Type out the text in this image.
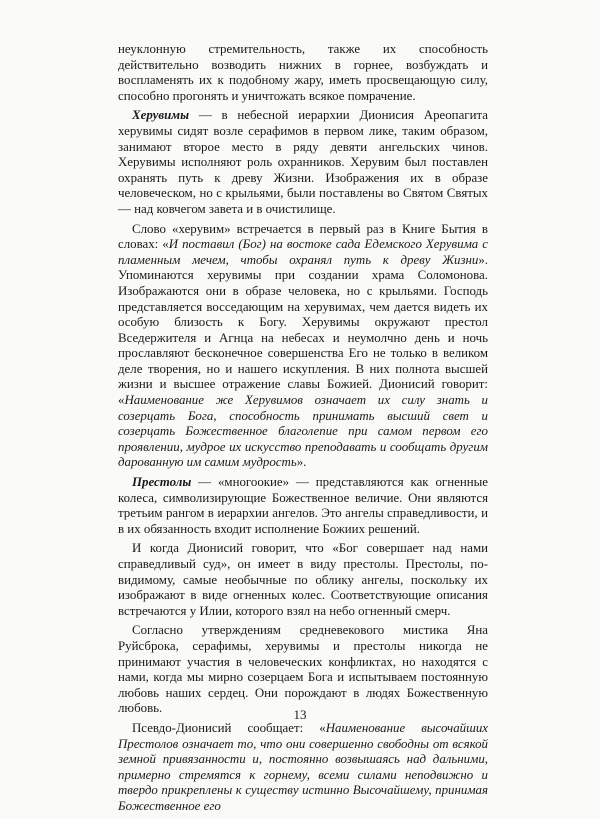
неуклонную стремительность, также их способность действительно возводить нижних в горнее, возбуждать и воспламенять их к подобному жару, иметь просвещающую силу, способно прогонять и уничтожать всякое помрачение.

Херувимы — в небесной иерархии Дионисия Ареопагита херувимы сидят возле серафимов в первом лике, таким образом, занимают второе место в ряду девяти ангельских чинов. Херувимы исполняют роль охранников. Херувим был поставлен охранять путь к древу Жизни. Изображения их в образе человеческом, но с крыльями, были поставлены во Святом Святых — над ковчегом завета и в очистилище.

Слово «херувим» встречается в первый раз в Книге Бытия в словах: «И поставил (Бог) на востоке сада Едемского Херувима с пламенным мечем, чтобы охранял путь к древу Жизни». Упоминаются херувимы при создании храма Соломонова. Изображаются они в образе человека, но с крыльями. Господь представляется восседающим на херувимах, чем дается видеть их особую близость к Богу. Херувимы окружают престол Вседержителя и Агнца на небесах и неумолчно день и ночь прославляют бесконечное совершенства Его не только в великом деле творения, но и нашего искупления. В них полнота высшей жизни и высшее отражение славы Божией. Дионисий говорит: «Наименование же Херувимов означает их силу знать и созерцать Бога, способность принимать высший свет и созерцать Божественное благолепие при самом первом его проявлении, мудрое их искусство преподавать и сообщать другим дарованную им самим мудрость».

Престолы — «многоокие» — представляются как огненные колеса, символизирующие Божественное величие. Они являются третьим рангом в иерархии ангелов. Это ангелы справедливости, и в их обязанность входит исполнение Божиих решений.

И когда Дионисий говорит, что «Бог совершает над нами справедливый суд», он имеет в виду престолы. Престолы, по-видимому, самые необычные по облику ангелы, поскольку их изображают в виде огненных колес. Соответствующие описания встречаются у Илии, которого взял на небо огненный смерч.

Согласно утверждениям средневекового мистика Яна Руйсброка, серафимы, херувимы и престолы никогда не принимают участия в человеческих конфликтах, но находятся с нами, когда мы мирно созерцаем Бога и испытываем постоянную любовь наших сердец. Они порождают в людях Божественную любовь.

Псевдо-Дионисий сообщает: «Наименование высочайших Престолов означает то, что они совершенно свободны от всякой земной привязанности и, постоянно возвышаясь над дальними, примерно стремятся к горнему, всеми силами неподвижно и твердо прикреплены к существу истинно Высочайшему, принимая Божественное его

13
